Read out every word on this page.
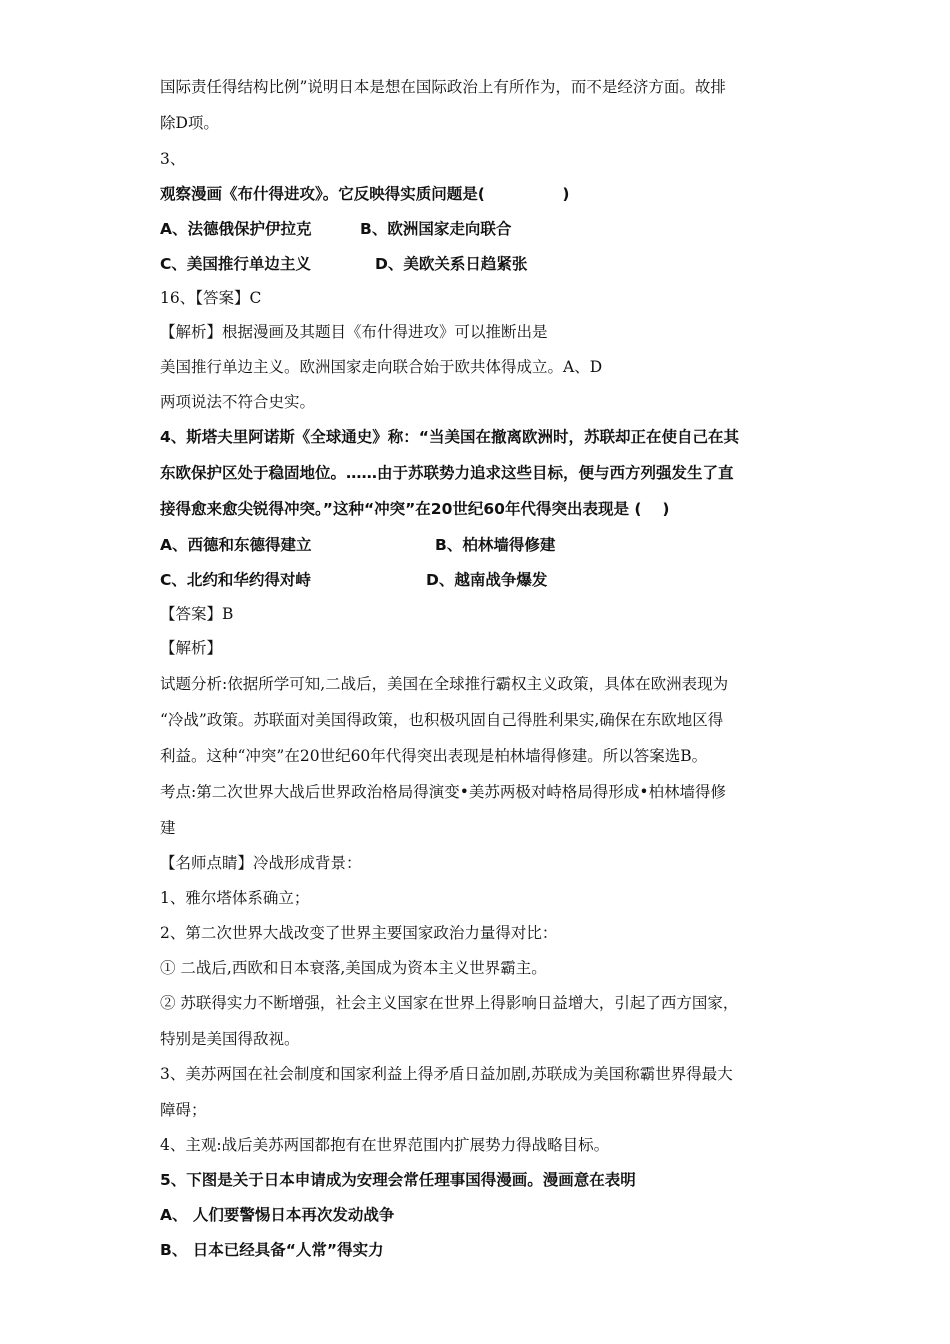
国际责任得结构比例”说明日本是想在国际政治上有所作为，而不是经济方面。故排
除D项。
3、
观察漫画《布什得进攻》。它反映得实质问题是(　　　　　)
A、法德俄保护伊拉克	B、欧洲国家走向联合
C、美国推行单边主义	D、美欧关系日趋紧张
16、【答案】C
【解析】根据漫画及其题目《布什得进攻》可以推断出是
美国推行单边主义。欧洲国家走向联合始于欧共体得成立。A、D
两项说法不符合史实。
4、斯塔夫里阿诺斯《全球通史》称：“当美国在撤离欧洲时，苏联却正在使自己在其
东欧保护区处于稳固地位。……由于苏联势力追求这些目标，便与西方列强发生了直
接得愈来愈尖锐得冲突。”这种“冲突”在20世纪60年代得突出表现是 (　 )
A、西德和东德得建立	B、柏林墙得修建
C、北约和华约得对峙	D、越南战争爆发
【答案】B
【解析】
试题分析:依据所学可知,二战后，美国在全球推行霸权主义政策，具体在欧洲表现为
“冷战”政策。苏联面对美国得政策，也积极巩固自己得胜利果实,确保在东欧地区得
利益。这种“冲突”在20世纪60年代得突出表现是柏林墙得修建。所以答案选B。
考点:第二次世界大战后世界政治格局得演变•美苏两极对峙格局得形成•柏林墙得修
建
【名师点睛】冷战形成背景：
1、雅尔塔体系确立；
2、第二次世界大战改变了世界主要国家政治力量得对比：
① 二战后,西欧和日本衰落,美国成为资本主义世界霸主。
② 苏联得实力不断增强，社会主义国家在世界上得影响日益增大，引起了西方国家，
特别是美国得敌视。
3、美苏两国在社会制度和国家利益上得矛盾日益加剧,苏联成为美国称霸世界得最大
障碍；
4、主观:战后美苏两国都抱有在世界范围内扩展势力得战略目标。
5、下图是关于日本申请成为安理会常任理事国得漫画。漫画意在表明
A、 人们要警惕日本再次发动战争
B、 日本已经具备“人常”得实力
